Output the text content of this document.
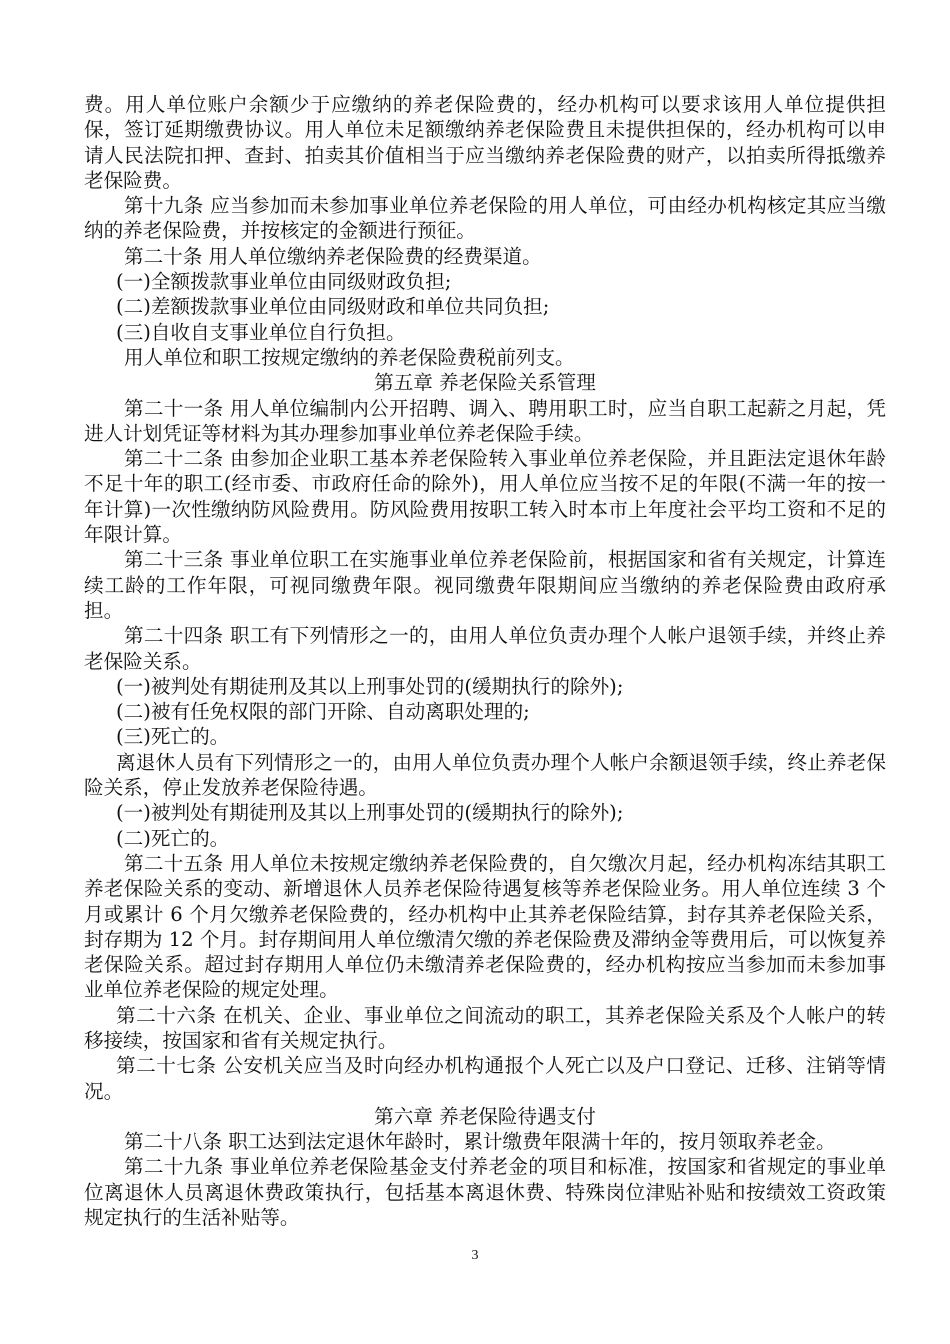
费。用人单位账户余额少于应缴纳的养老保险费的，经办机构可以要求该用人单位提供担保，签订延期缴费协议。用人单位未足额缴纳养老保险费且未提供担保的，经办机构可以申请人民法院扣押、查封、拍卖其价值相当于应当缴纳养老保险费的财产，以拍卖所得抵缴养老保险费。

第十九条 应当参加而未参加事业单位养老保险的用人单位，可由经办机构核定其应当缴纳的养老保险费，并按核定的金额进行预征。

第二十条 用人单位缴纳养老保险费的经费渠道。

(一)全额拨款事业单位由同级财政负担;

(二)差额拨款事业单位由同级财政和单位共同负担;

(三)自收自支事业单位自行负担。

用人单位和职工按规定缴纳的养老保险费税前列支。

第五章 养老保险关系管理

第二十一条 用人单位编制内公开招聘、调入、聘用职工时，应当自职工起薪之月起，凭进人计划凭证等材料为其办理参加事业单位养老保险手续。

第二十二条 由参加企业职工基本养老保险转入事业单位养老保险，并且距法定退休年龄不足十年的职工(经市委、市政府任命的除外)，用人单位应当按不足的年限(不满一年的按一年计算)一次性缴纳防风险费用。防风险费用按职工转入时本市上年度社会平均工资和不足的年限计算。

第二十三条 事业单位职工在实施事业单位养老保险前，根据国家和省有关规定，计算连续工龄的工作年限，可视同缴费年限。视同缴费年限期间应当缴纳的养老保险费由政府承担。

第二十四条 职工有下列情形之一的，由用人单位负责办理个人帐户退领手续，并终止养老保险关系。

(一)被判处有期徒刑及其以上刑事处罚的(缓期执行的除外);

(二)被有任免权限的部门开除、自动离职处理的;

(三)死亡的。

离退休人员有下列情形之一的，由用人单位负责办理个人帐户余额退领手续，终止养老保险关系，停止发放养老保险待遇。

(一)被判处有期徒刑及其以上刑事处罚的(缓期执行的除外);

(二)死亡的。

第二十五条 用人单位未按规定缴纳养老保险费的，自欠缴次月起，经办机构冻结其职工养老保险关系的变动、新增退休人员养老保险待遇复核等养老保险业务。用人单位连续 3 个月或累计 6 个月欠缴养老保险费的，经办机构中止其养老保险结算，封存其养老保险关系，封存期为 12 个月。封存期间用人单位缴清欠缴的养老保险费及滞纳金等费用后，可以恢复养老保险关系。超过封存期用人单位仍未缴清养老保险费的，经办机构按应当参加而未参加事业单位养老保险的规定处理。

第二十六条 在机关、企业、事业单位之间流动的职工，其养老保险关系及个人帐户的转移接续，按国家和省有关规定执行。

第二十七条 公安机关应当及时向经办机构通报个人死亡以及户口登记、迁移、注销等情况。

第六章 养老保险待遇支付

第二十八条 职工达到法定退休年龄时，累计缴费年限满十年的，按月领取养老金。

第二十九条 事业单位养老保险基金支付养老金的项目和标准，按国家和省规定的事业单位离退休人员离退休费政策执行，包括基本离退休费、特殊岗位津贴补贴和按绩效工资政策规定执行的生活补贴等。

3
